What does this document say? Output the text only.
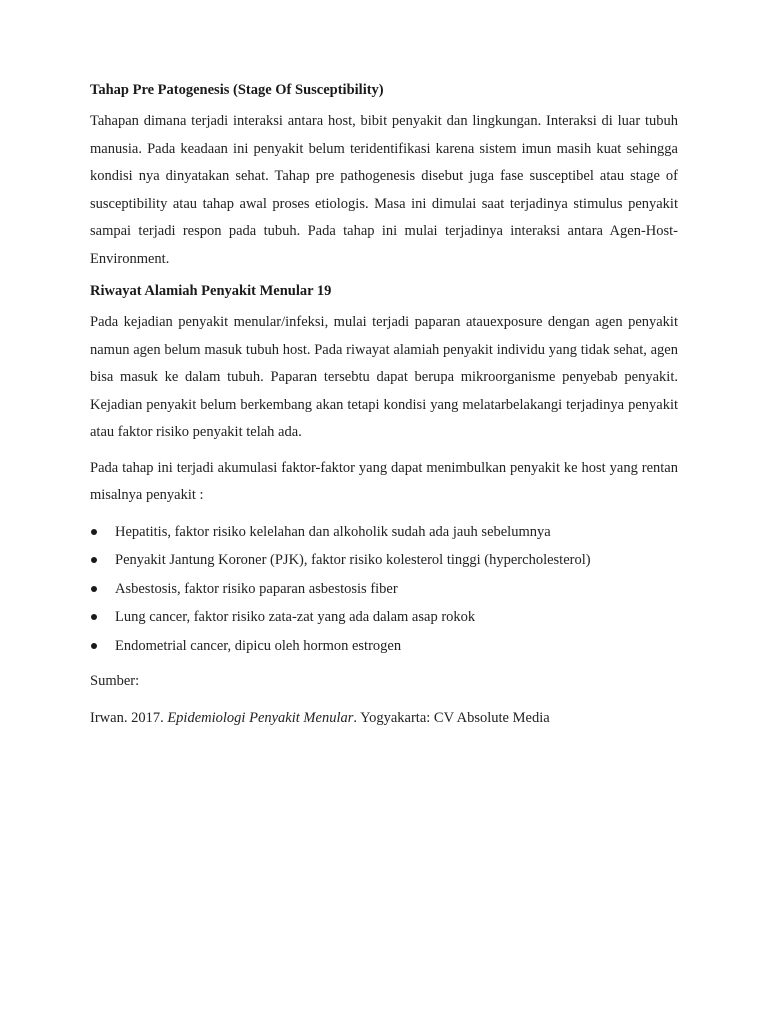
Tahap Pre Patogenesis (Stage Of Susceptibility)

Tahapan dimana terjadi interaksi antara host, bibit penyakit dan lingkungan. Interaksi di luar tubuh manusia. Pada keadaan ini penyakit belum teridentifikasi karena sistem imun masih kuat sehingga kondisi nya dinyatakan sehat. Tahap pre pathogenesis disebut juga fase susceptibel atau stage of susceptibility atau tahap awal proses etiologis. Masa ini dimulai saat terjadinya stimulus penyakit sampai terjadi respon pada tubuh. Pada tahap ini mulai terjadinya interaksi antara Agen-Host-Environment.

Riwayat Alamiah Penyakit Menular 19

Pada kejadian penyakit menular/infeksi, mulai terjadi paparan atauexposure dengan agen penyakit namun agen belum masuk tubuh host. Pada riwayat alamiah penyakit individu yang tidak sehat, agen bisa masuk ke dalam tubuh. Paparan tersebtu dapat berupa mikroorganisme penyebab penyakit. Kejadian penyakit belum berkembang akan tetapi kondisi yang melatarbelakangi terjadinya penyakit atau faktor risiko penyakit telah ada.

Pada tahap ini terjadi akumulasi faktor-faktor yang dapat menimbulkan penyakit ke host yang rentan misalnya penyakit :

Hepatitis, faktor risiko kelelahan dan alkoholik sudah ada jauh sebelumnya
Penyakit Jantung Koroner (PJK), faktor risiko kolesterol tinggi (hypercholesterol)
Asbestosis, faktor risiko paparan asbestosis fiber
Lung cancer, faktor risiko zata-zat yang ada dalam asap rokok
Endometrial cancer, dipicu oleh hormon estrogen
Sumber:

Irwan. 2017. Epidemiologi Penyakit Menular. Yogyakarta: CV Absolute Media
